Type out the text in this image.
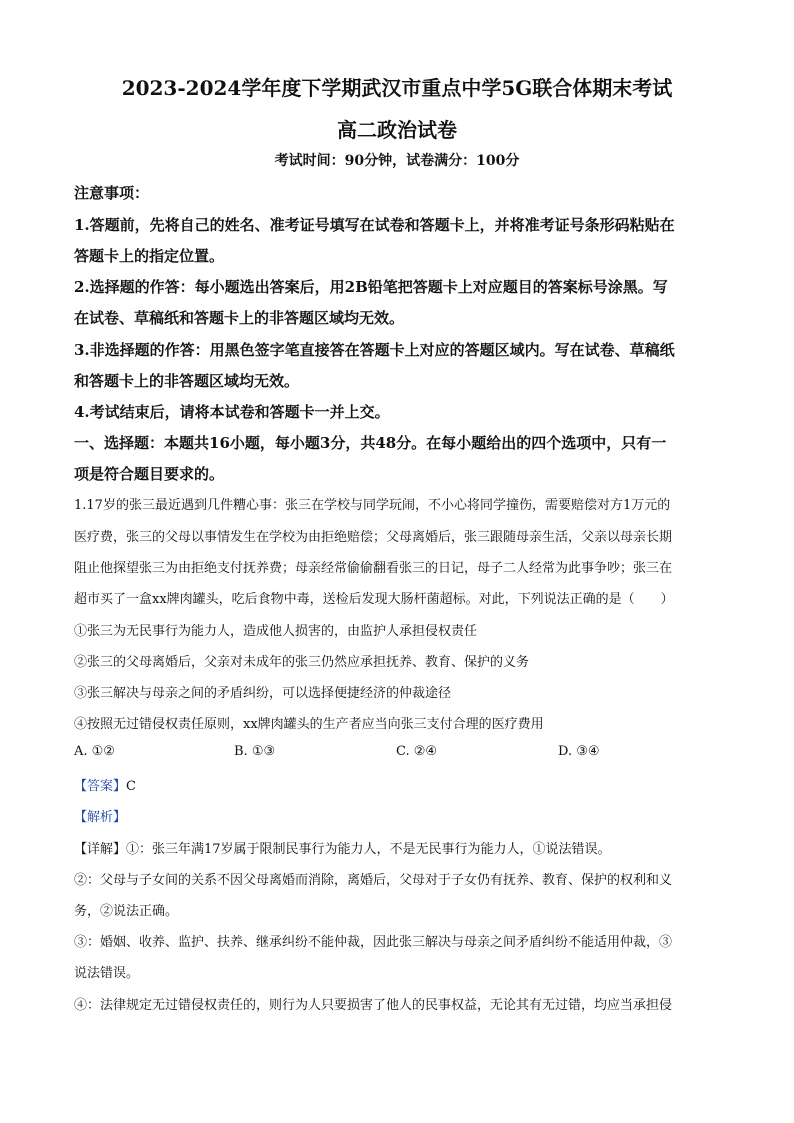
2023-2024学年度下学期武汉市重点中学5G联合体期末考试
高二政治试卷
考试时间：90分钟，试卷满分：100分
注意事项：
1.答题前，先将自己的姓名、准考证号填写在试卷和答题卡上，并将准考证号条形码粘贴在
答题卡上的指定位置。
2.选择题的作答：每小题选出答案后，用2B铅笔把答题卡上对应题目的答案标号涂黑。写
在试卷、草稿纸和答题卡上的非答题区域均无效。
3.非选择题的作答：用黑色签字笔直接答在答题卡上对应的答题区域内。写在试卷、草稿纸
和答题卡上的非答题区域均无效。
4.考试结束后，请将本试卷和答题卡一并上交。
一、选择题：本题共16小题，每小题3分，共48分。在每小题给出的四个选项中，只有一
项是符合题目要求的。
1.17岁的张三最近遇到几件糟心事：张三在学校与同学玩闹，不小心将同学撞伤，需要赔偿对方1万元的
医疗费，张三的父母以事情发生在学校为由拒绝赔偿；父母离婚后，张三跟随母亲生活，父亲以母亲长期
阻止他探望张三为由拒绝支付抚养费；母亲经常偷偷翻看张三的日记，母子二人经常为此事争吵；张三在
超市买了一盒xx牌肉罐头，吃后食物中毒，送检后发现大肠杆菌超标。对此，下列说法正确的是（　　）
①张三为无民事行为能力人，造成他人损害的，由监护人承担侵权责任
②张三的父母离婚后，父亲对未成年的张三仍然应承担抚养、教育、保护的义务
③张三解决与母亲之间的矛盾纠纷，可以选择便捷经济的仲裁途径
④按照无过错侵权责任原则，xx牌肉罐头的生产者应当向张三支付合理的医疗费用
A. ①②	B. ①③	C. ②④	D. ③④
【答案】C
【解析】
【详解】①：张三年满17岁属于限制民事行为能力人，不是无民事行为能力人，①说法错误。
②：父母与子女间的关系不因父母离婚而消除，离婚后，父母对于子女仍有抚养、教育、保护的权利和义
务，②说法正确。
③：婚姻、收养、监护、扶养、继承纠纷不能仲裁，因此张三解决与母亲之间矛盾纠纷不能适用仲裁，③
说法错误。
④：法律规定无过错侵权责任的，则行为人只要损害了他人的民事权益，无论其有无过错，均应当承担侵
